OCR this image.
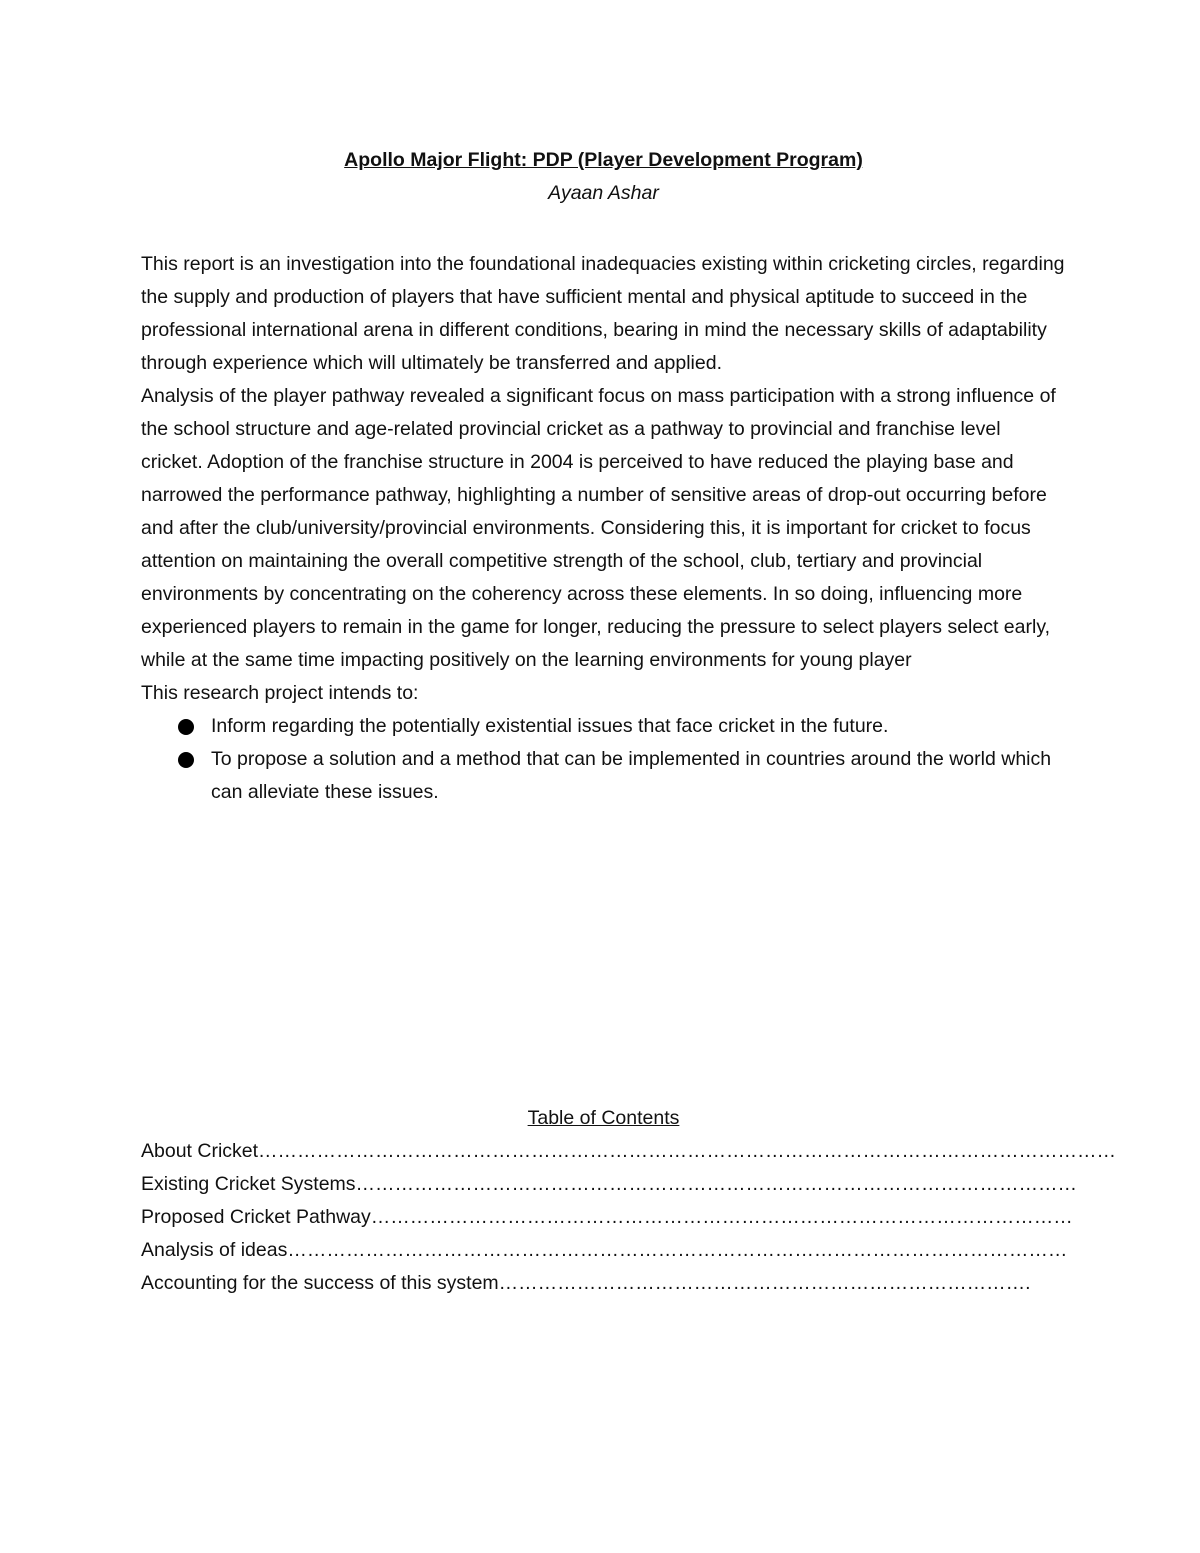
Apollo Major Flight: PDP (Player Development Program)
Ayaan Ashar

This report is an investigation into the foundational inadequacies existing within cricketing circles, regarding the supply and production of players that have sufficient mental and physical aptitude to succeed in the professional international arena in different conditions, bearing in mind the necessary skills of adaptability through experience which will ultimately be transferred and applied.

Analysis of the player pathway revealed a significant focus on mass participation with a strong influence of the school structure and age-related provincial cricket as a pathway to provincial and franchise level cricket. Adoption of the franchise structure in 2004 is perceived to have reduced the playing base and narrowed the performance pathway, highlighting a number of sensitive areas of drop-out occurring before and after the club/university/provincial environments. Considering this, it is important for cricket to focus attention on maintaining the overall competitive strength of the school, club, tertiary and provincial environments by concentrating on the coherency across these elements. In so doing, influencing more experienced players to remain in the game for longer, reducing the pressure to select players select early, while at the same time impacting positively on the learning environments for young player

This research project intends to:

Inform regarding the potentially existential issues that face cricket in the future.
To propose a solution and a method that can be implemented in countries around the world which can alleviate these issues.
Table of Contents
About Cricket……………………………………………………………………………………………………………………
Existing Cricket Systems…………………………………………………………………………………………………
Proposed Cricket Pathway………………………………………………………………………………………………
Analysis of ideas…………………………………………………………………………………………………………
Accounting for the success of this system……………………………………………………………………….
